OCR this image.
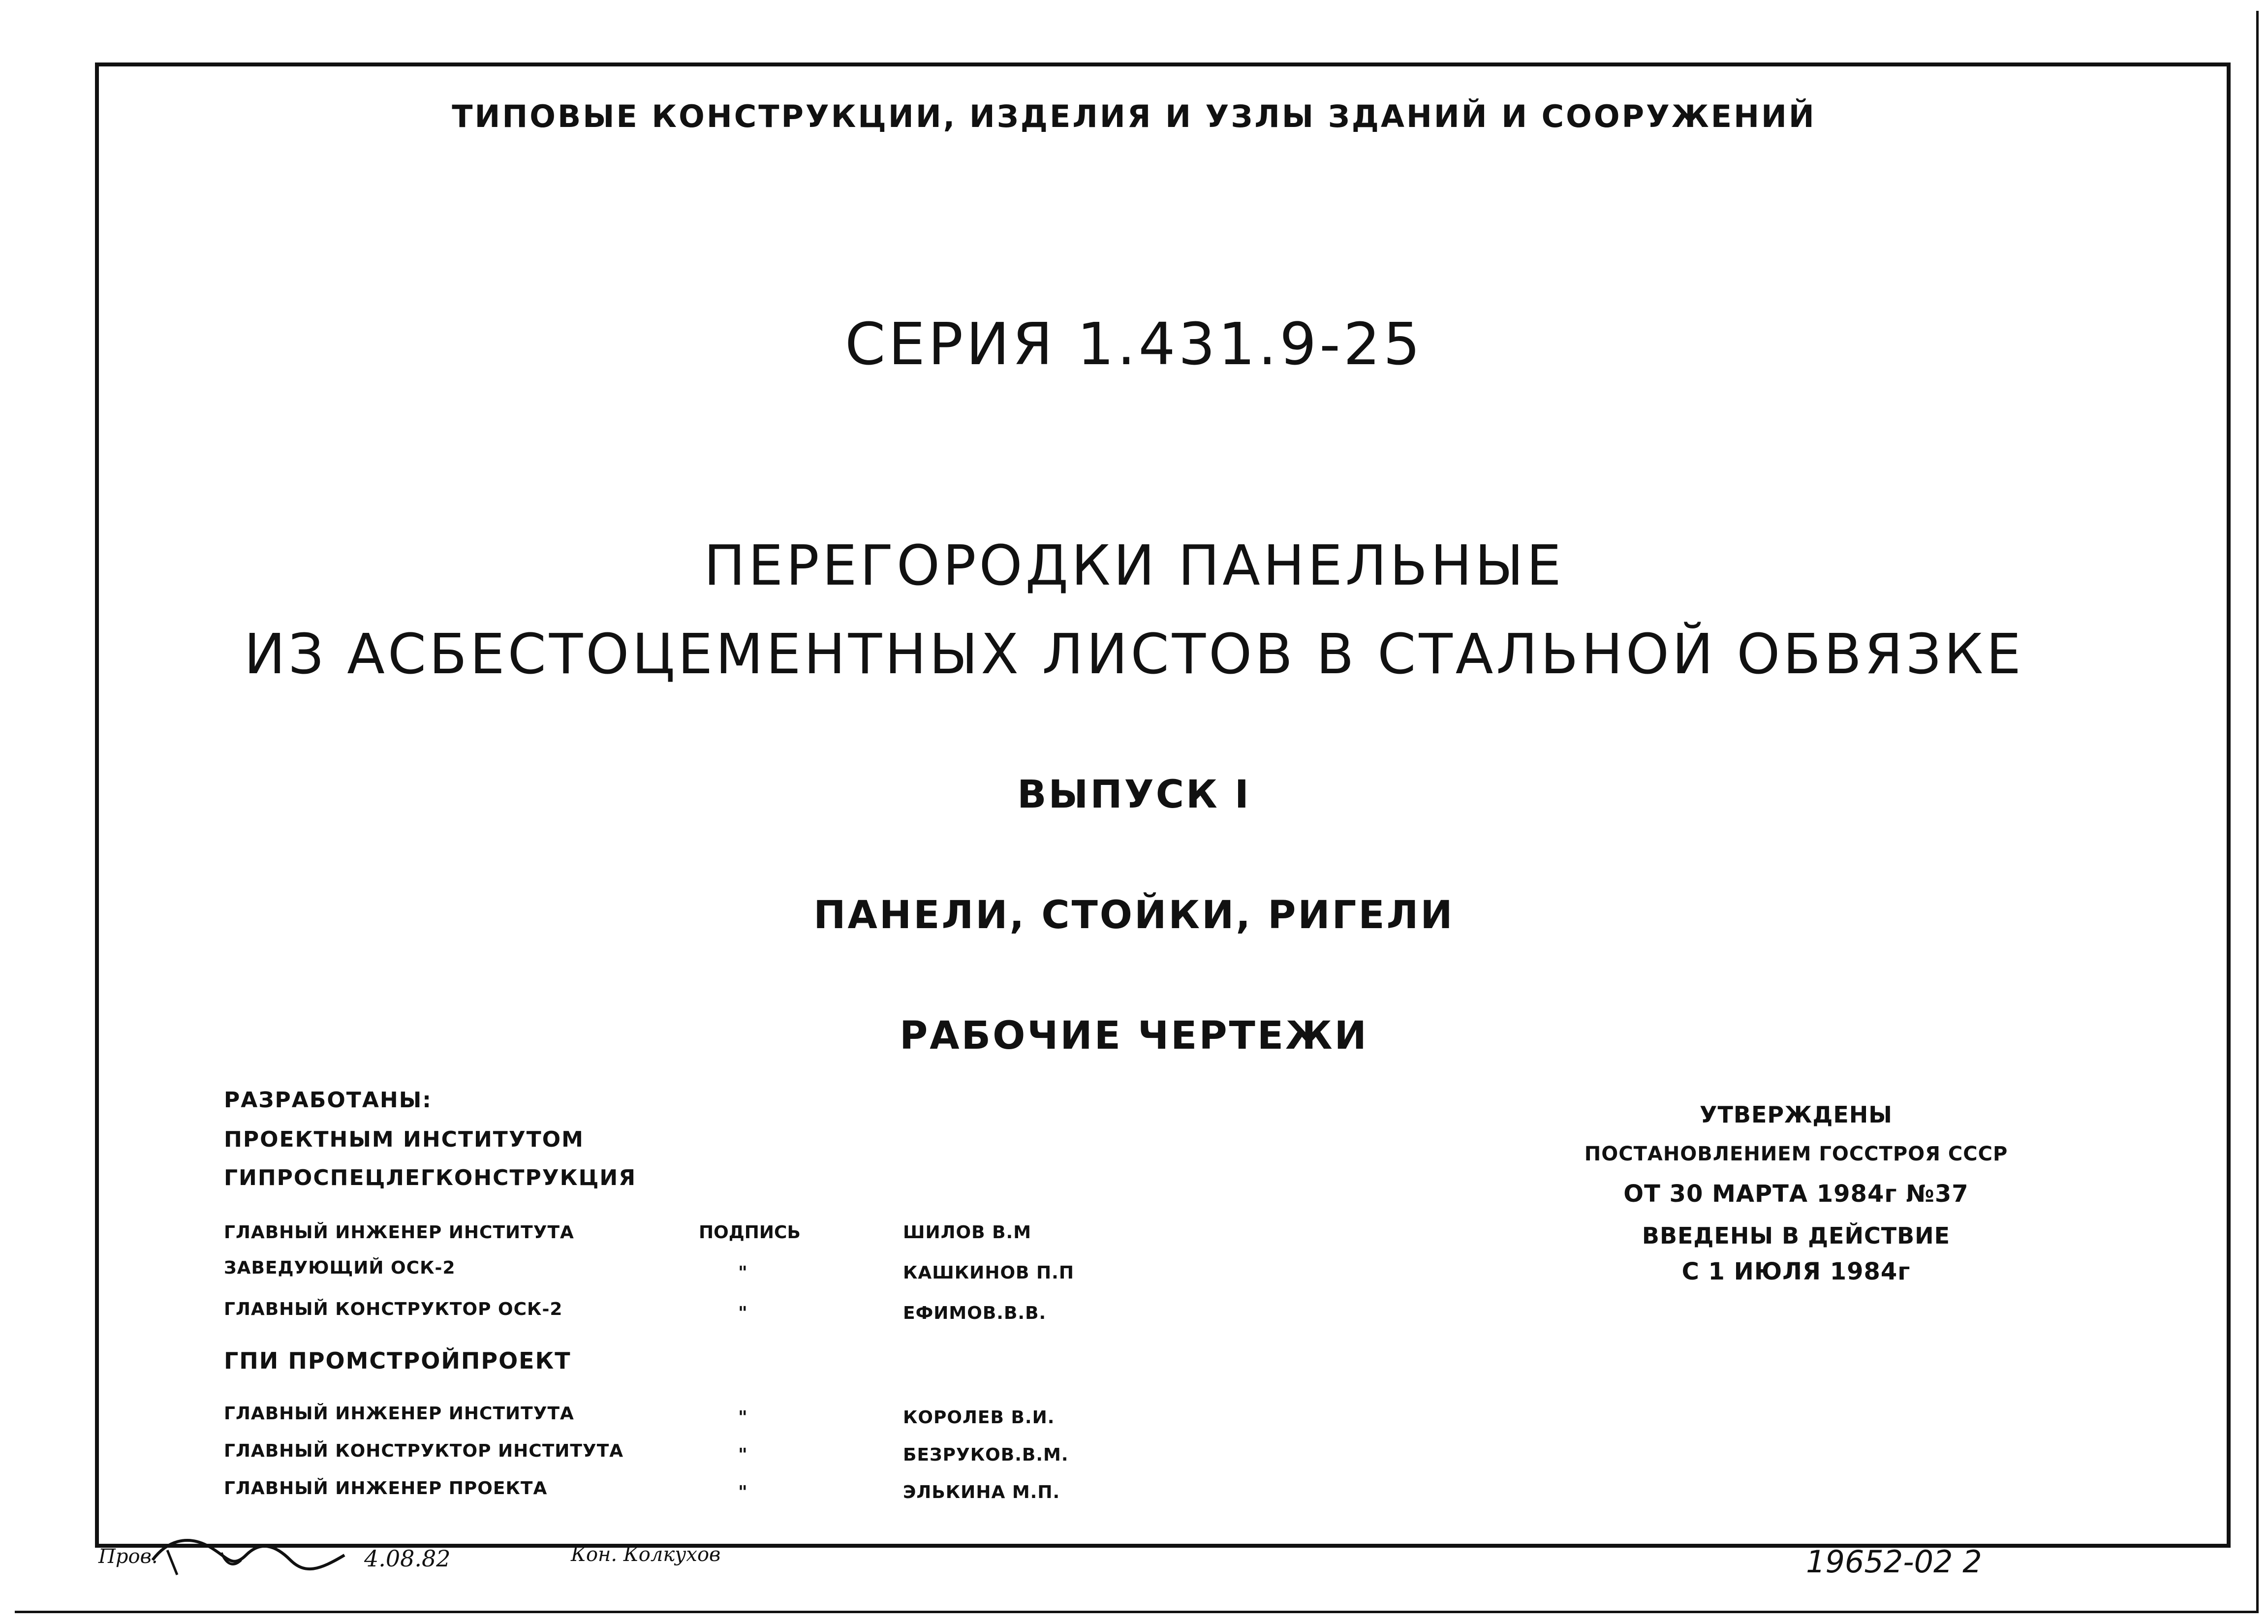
ТИПОВЫЕ КОНСТРУКЦИИ, ИЗДЕЛИЯ И УЗЛЫ ЗДАНИЙ И СООРУЖЕНИЙ
СЕРИЯ 1.431.9-25
ПЕРЕГОРОДКИ ПАНЕЛЬНЫЕ
ИЗ АСБЕСТОЦЕМЕНТНЫХ ЛИСТОВ В СТАЛЬНОЙ ОБВЯЗКЕ
ВЫПУСК I
ПАНЕЛИ, СТОЙКИ, РИГЕЛИ
РАБОЧИЕ ЧЕРТЕЖИ
РАЗРАБОТАНЫ:
ПРОЕКТНЫМ ИНСТИТУТОМ
ГИПРОСПЕЦЛЕГКОНСТРУКЦИЯ
ГЛАВНЫЙ ИНЖЕНЕР ИНСТИТУТА	ПОДПИСЬ	ШИЛОВ В.М
ЗАВЕДУЮЩИЙ ОСК-2	"	КАШКИНОВ П.П
ГЛАВНЫЙ КОНСТРУКТОР ОСК-2	"	ЕФИМОВ.В.В.
ГПИ ПРОМСТРОЙПРОЕКТ
ГЛАВНЫЙ ИНЖЕНЕР ИНСТИТУТА	"	КОРОЛЕВ В.И.
ГЛАВНЫЙ КОНСТРУКТОР ИНСТИТУТА	"	БЕЗРУКОВ.В.М.
ГЛАВНЫЙ ИНЖЕНЕР ПРОЕКТА	"	ЭЛЬКИНА М.П.
УТВЕРЖДЕНЫ
ПОСТАНОВЛЕНИЕМ ГОССТРОЯ СССР
ОТ 30 МАРТА 1984г №37
ВВЕДЕНЫ В ДЕЙСТВИЕ
С 1 ИЮЛЯ 1984г
Пров.	4.08.82	Кон. Колкухов	19652-02 2
